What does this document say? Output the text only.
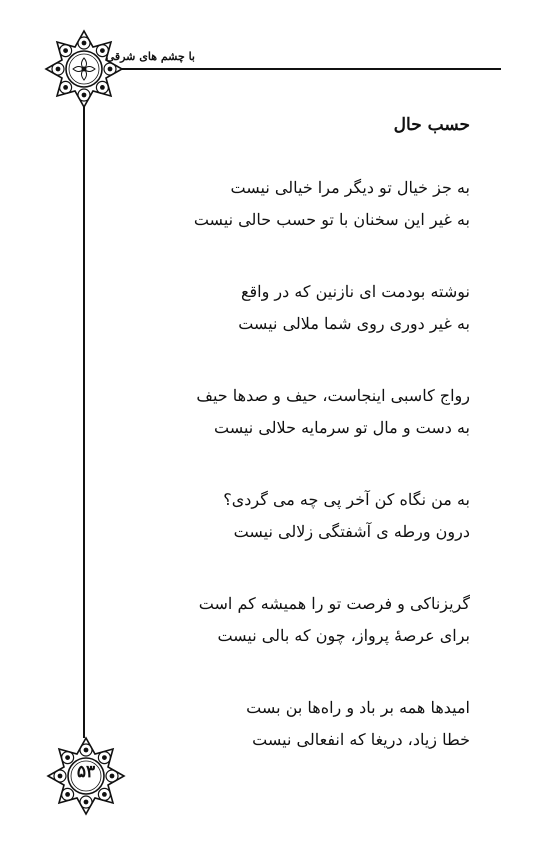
با چشم های شرقی
۵۳
حسب حال
به جز خیال تو دیگر مرا خیالی نیست
به غیر این سخنان با تو حسب حالی نیست
نوشته بودمت ای نازنین که در واقع
به غیر دوری روی شما ملالی نیست
رواج کاسبی اینجاست، حیف و صدها حیف
به دست و مال تو سرمایه حلالی نیست
به من نگاه کن آخر پی چه می گردی؟
درون ورطه ی آشفتگی زلالی نیست
گریزناکی و فرصت تو را همیشه کم است
برای عرصهٔ پرواز، چون که بالی نیست
امیدها همه بر باد و راه‌ها بن بست
خطا زیاد، دریغا که انفعالی نیست
